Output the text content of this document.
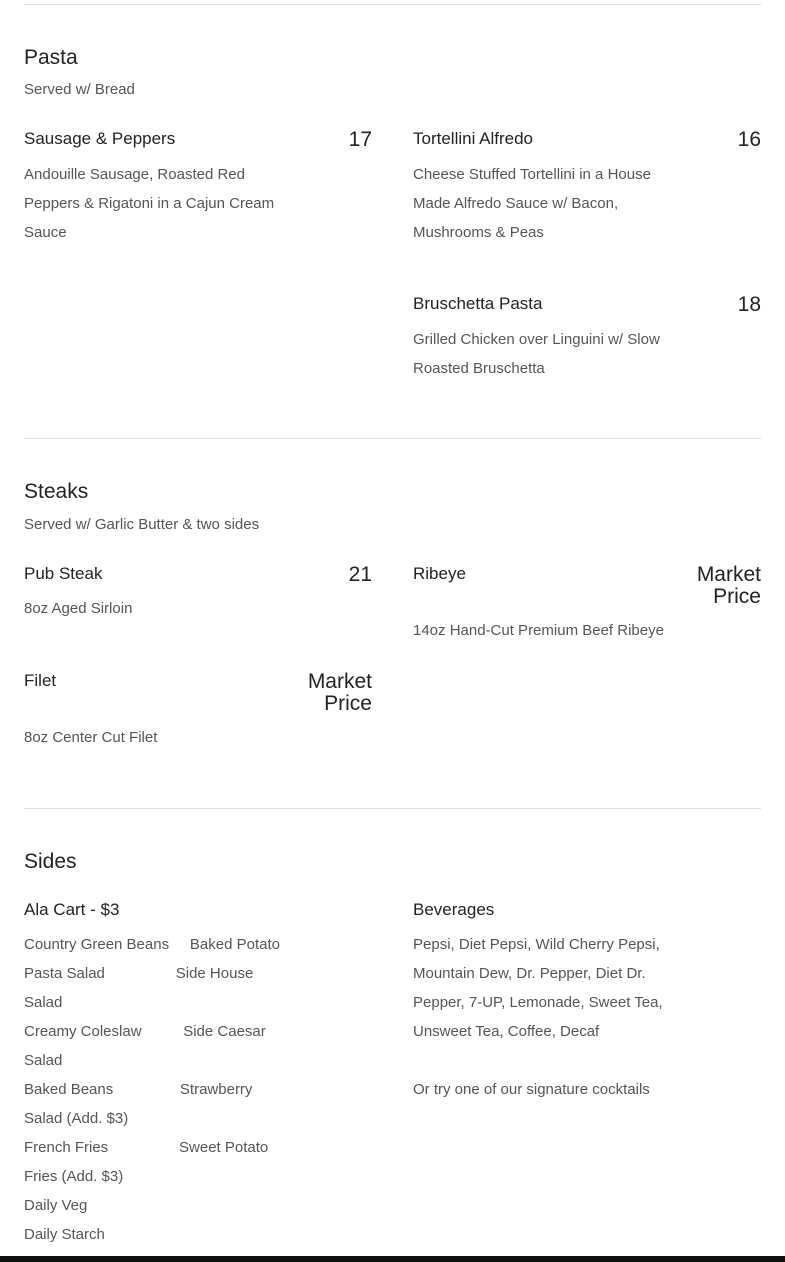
Pasta
Served w/ Bread
Sausage & Peppers	17
Andouille Sausage, Roasted Red Peppers & Rigatoni in a Cajun Cream Sauce
Tortellini Alfredo	16
Cheese Stuffed Tortellini in a House Made Alfredo Sauce w/ Bacon, Mushrooms & Peas
Bruschetta Pasta	18
Grilled Chicken over Linguini w/ Slow Roasted Bruschetta
Steaks
Served w/ Garlic Butter & two sides
Pub Steak	21
8oz Aged Sirloin
Ribeye	Market Price
14oz Hand-Cut Premium Beef Ribeye
Filet	Market Price
8oz Center Cut Filet
Sides
Ala Cart - $3
Country Green Beans     Baked Potato
Pasta Salad                 Side House Salad
Creamy Coleslaw          Side Caesar Salad
Baked Beans                Strawberry Salad (Add. $3)
French Fries                 Sweet Potato Fries (Add. $3)
Daily Veg
Daily Starch
Beverages
Pepsi, Diet Pepsi, Wild Cherry Pepsi, Mountain Dew, Dr. Pepper, Diet Dr. Pepper, 7-UP, Lemonade, Sweet Tea, Unsweet Tea, Coffee, Decaf
Or try one of our signature cocktails
